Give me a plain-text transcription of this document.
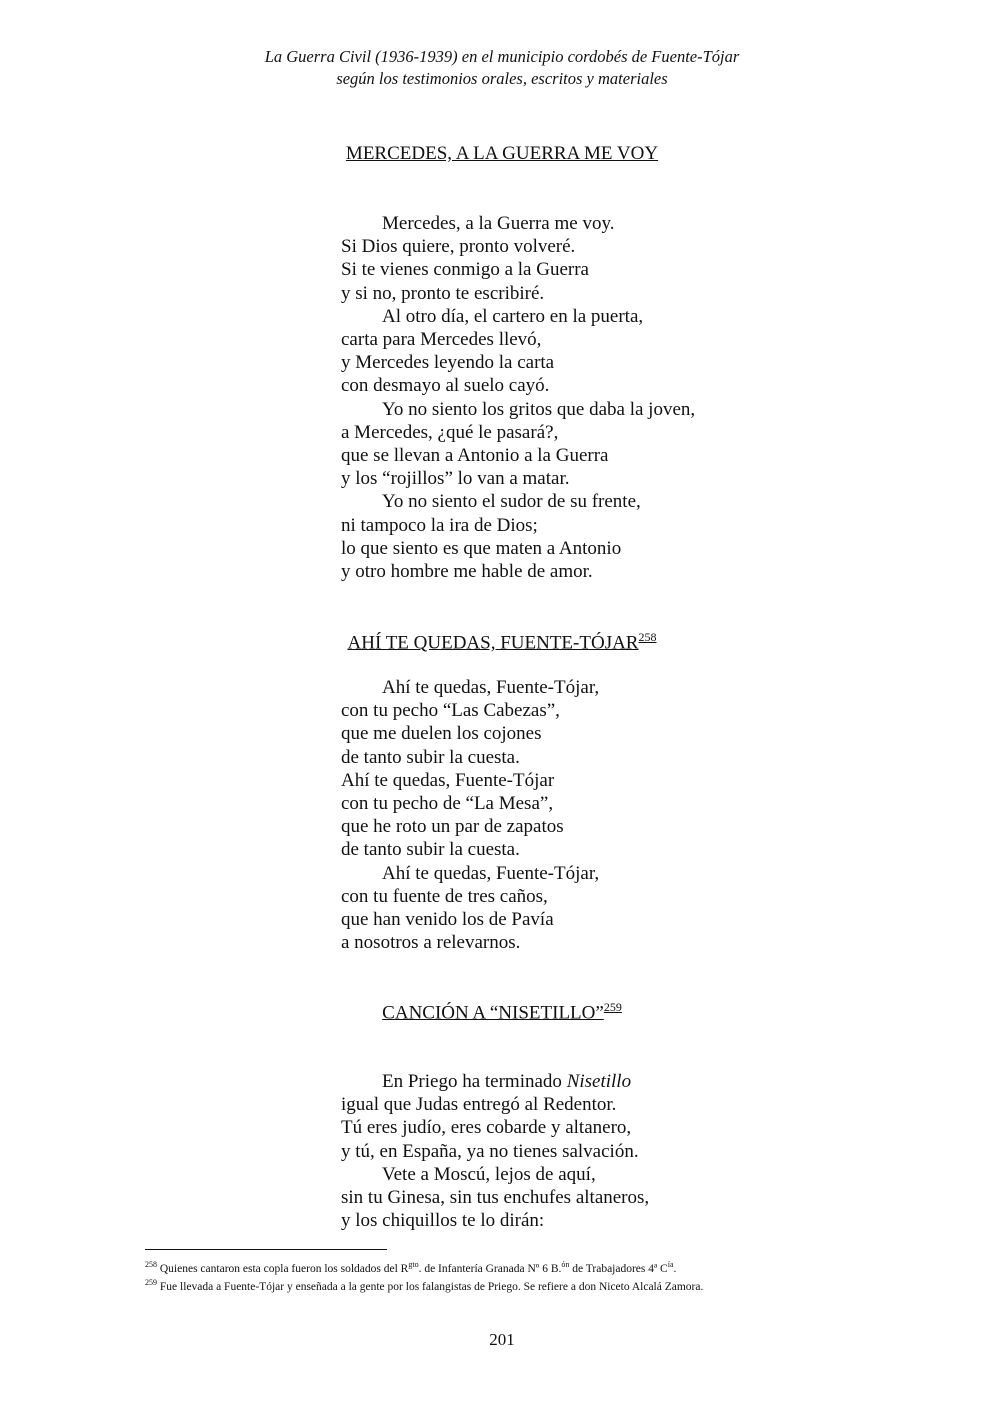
La Guerra Civil (1936-1939) en el municipio cordobés de Fuente-Tójar
según los testimonios orales, escritos y materiales
MERCEDES, A LA GUERRA ME VOY
Mercedes, a la Guerra me voy.
Si Dios quiere, pronto volveré.
Si te vienes conmigo a la Guerra
y si no, pronto te escribiré.
Al otro día, el cartero en la puerta,
carta para Mercedes llevó,
y Mercedes leyendo la carta
con desmayo al suelo cayó.
Yo no siento los gritos que daba la joven,
a Mercedes, ¿qué le pasará?,
que se llevan a Antonio a la Guerra
y los “rojillos” lo van a matar.
Yo no siento el sudor de su frente,
ni tampoco la ira de Dios;
lo que siento es que maten a Antonio
y otro hombre me hable de amor.
AHÍ TE QUEDAS, FUENTE-TÓJAR$^{258}$
Ahí te quedas, Fuente-Tójar,
con tu pecho “Las Cabezas”,
que me duelen los cojones
de tanto subir la cuesta.
Ahí te quedas, Fuente-Tójar
con tu pecho de “La Mesa”,
que he roto un par de zapatos
de tanto subir la cuesta.
Ahí te quedas, Fuente-Tójar,
con tu fuente de tres caños,
que han venido los de Pavía
a nosotros a relevarnos.
CANCIÓN A “NISETILLO”$^{259}$
En Priego ha terminado Nisetillo
igual que Judas entregó al Redentor.
Tú eres judío, eres cobarde y altanero,
y tú, en España, ya no tienes salvación.
Vete a Moscú, lejos de aquí,
sin tu Ginesa, sin tus enchufes altaneros,
y los chiquillos te lo dirán:
$^{258}$ Quienes cantaron esta copla fueron los soldados del $R^{gto}$. de Infantería Granada Nº 6 B.$^{ón}$ de Trabajadores 4ª $C^{ía}$.
$^{259}$ Fue llevada a Fuente-Tójar y enseñada a la gente por los falangistas de Priego. Se refiere a don Niceto Alcalá Zamora.
201
